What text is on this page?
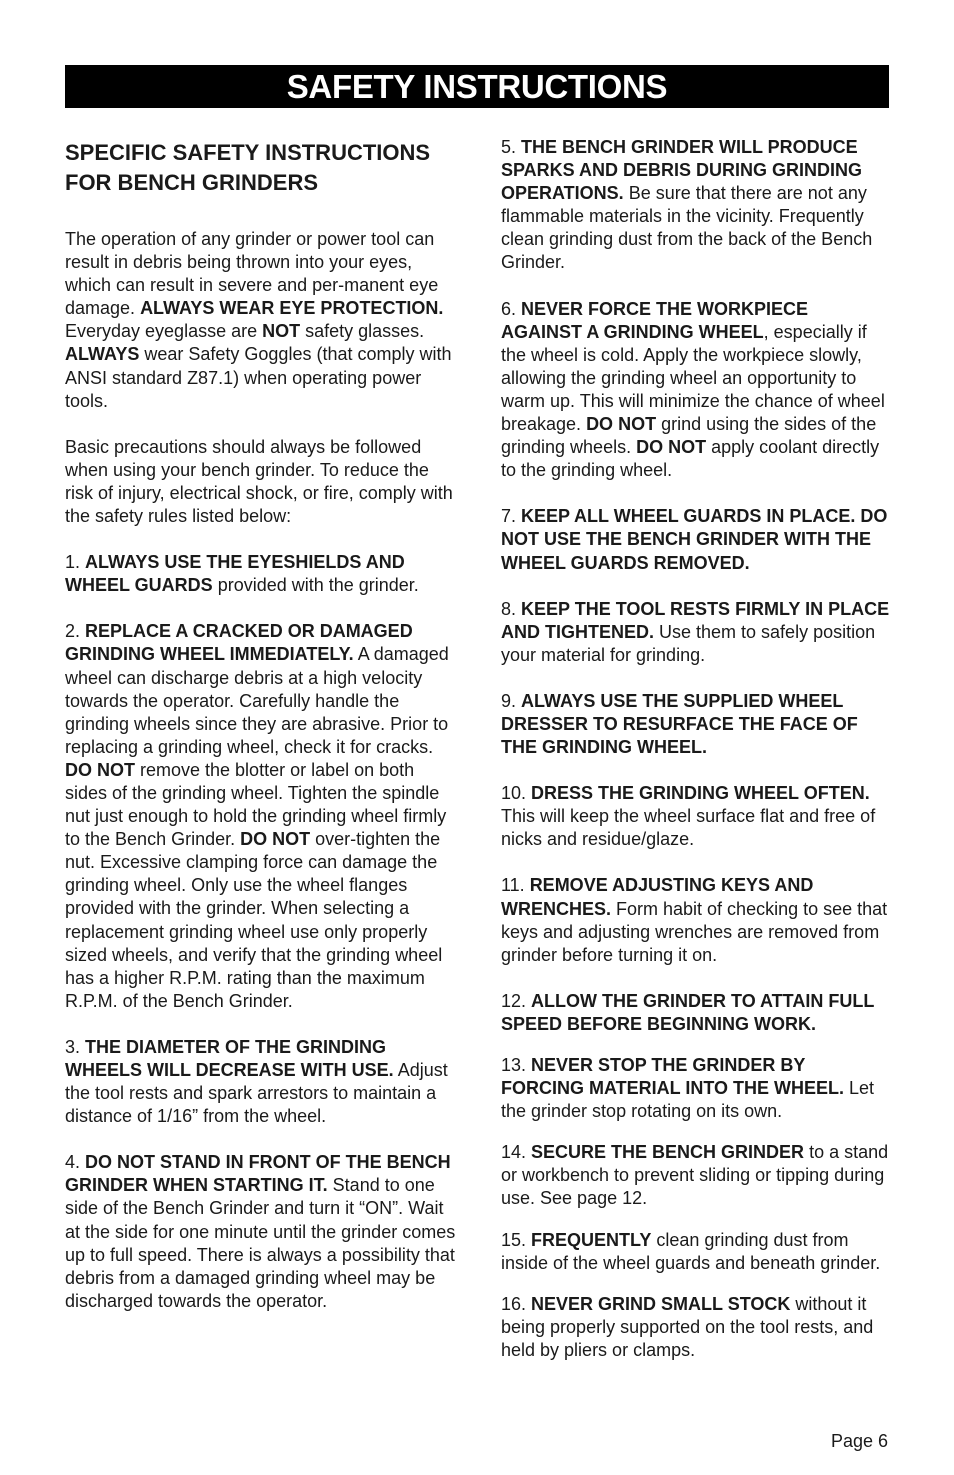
SAFETY INSTRUCTIONS
SPECIFIC SAFETY INSTRUCTIONS FOR BENCH GRINDERS

The operation of any grinder or power tool can result in debris being thrown into your eyes, which can result in severe and per-manent eye damage. ALWAYS WEAR EYE PROTECTION. Everyday eyeglasse are NOT safety glasses. ALWAYS wear Safety Goggles (that comply with ANSI standard Z87.1) when operating power tools.

Basic precautions should always be followed when using your bench grinder. To reduce the risk of injury, electrical shock, or fire, comply with the safety rules listed below:

1. ALWAYS USE THE EYESHIELDS AND WHEEL GUARDS provided with the grinder.

2. REPLACE A CRACKED OR DAMAGED GRINDING WHEEL IMMEDIATELY. A damaged wheel can discharge debris at a high velocity towards the operator. Carefully handle the grinding wheels since they are abrasive. Prior to replacing a grinding wheel, check it for cracks. DO NOT remove the blotter or label on both sides of the grinding wheel. Tighten the spindle nut just enough to hold the grinding wheel firmly to the Bench Grinder. DO NOT over-tighten the nut. Excessive clamping force can damage the grinding wheel. Only use the wheel flanges provided with the grinder. When selecting a replacement grinding wheel use only properly sized wheels, and verify that the grinding wheel has a higher R.P.M. rating than the maximum R.P.M. of the Bench Grinder.

3. THE DIAMETER OF THE GRINDING WHEELS WILL DECREASE WITH USE. Adjust the tool rests and spark arrestors to maintain a distance of 1/16” from the wheel.

4. DO NOT STAND IN FRONT OF THE BENCH GRINDER WHEN STARTING IT. Stand to one side of the Bench Grinder and turn it “ON”. Wait at the side for one minute until the grinder comes up to full speed. There is always a possibility that debris from a damaged grinding wheel may be discharged towards the operator.

5. THE BENCH GRINDER WILL PRODUCE SPARKS AND DEBRIS DURING GRINDING OPERATIONS. Be sure that there are not any flammable materials in the vicinity. Frequently clean grinding dust from the back of the Bench Grinder.

6. NEVER FORCE THE WORKPIECE AGAINST A GRINDING WHEEL, especially if the wheel is cold. Apply the workpiece slowly, allowing the grinding wheel an opportunity to warm up. This will minimize the chance of wheel breakage. DO NOT grind using the sides of the grinding wheels. DO NOT apply coolant directly to the grinding wheel.

7. KEEP ALL WHEEL GUARDS IN PLACE. DO NOT USE THE BENCH GRINDER WITH THE WHEEL GUARDS REMOVED.

8. KEEP THE TOOL RESTS FIRMLY IN PLACE AND TIGHTENED. Use them to safely position your material for grinding.

9. ALWAYS USE THE SUPPLIED WHEEL DRESSER TO RESURFACE THE FACE OF THE GRINDING WHEEL.

10. DRESS THE GRINDING WHEEL OFTEN. This will keep the wheel surface flat and free of nicks and residue/glaze.

11. REMOVE ADJUSTING KEYS AND WRENCHES. Form habit of checking to see that keys and adjusting wrenches are removed from grinder before turning it on.

12. ALLOW THE GRINDER TO ATTAIN FULL SPEED BEFORE BEGINNING WORK.

13. NEVER STOP THE GRINDER BY FORCING MATERIAL INTO THE WHEEL. Let the grinder stop rotating on its own.

14. SECURE THE BENCH GRINDER to a stand or workbench to prevent sliding or tipping during use. See page 12.

15. FREQUENTLY clean grinding dust from inside of the wheel guards and beneath grinder.

16. NEVER GRIND SMALL STOCK without it being properly supported on the tool rests, and held by pliers or clamps.

Page 6
